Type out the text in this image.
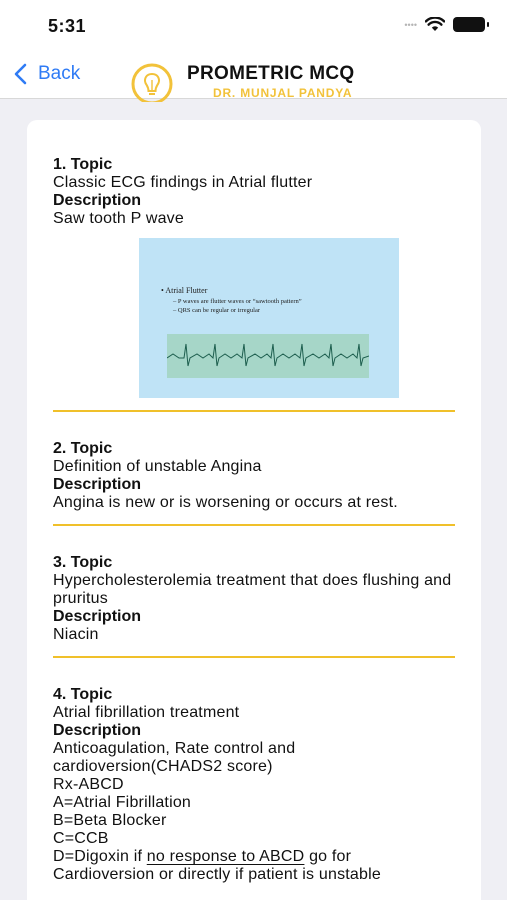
5:31	••••
Back	PROMETRIC MCQ
DR. MUNJAL PANDYA
1. Topic
Classic ECG findings in Atrial flutter
Description
Saw tooth P wave
• Atrial Flutter
– P waves are flutter waves or “sawtooth pattern”
– QRS can be regular or irregular
2. Topic
Definition of unstable Angina
Description
Angina is new or is worsening or occurs at rest.
3. Topic
Hypercholesterolemia treatment that does flushing and pruritus
Description
Niacin
4. Topic
Atrial fibrillation treatment
Description
Anticoagulation, Rate control and cardioversion(CHADS2 score)
Rx-ABCD
A=Atrial Fibrillation
B=Beta Blocker
C=CCB
D=Digoxin if no response to ABCD go for Cardioversion or directly if patient is unstable
